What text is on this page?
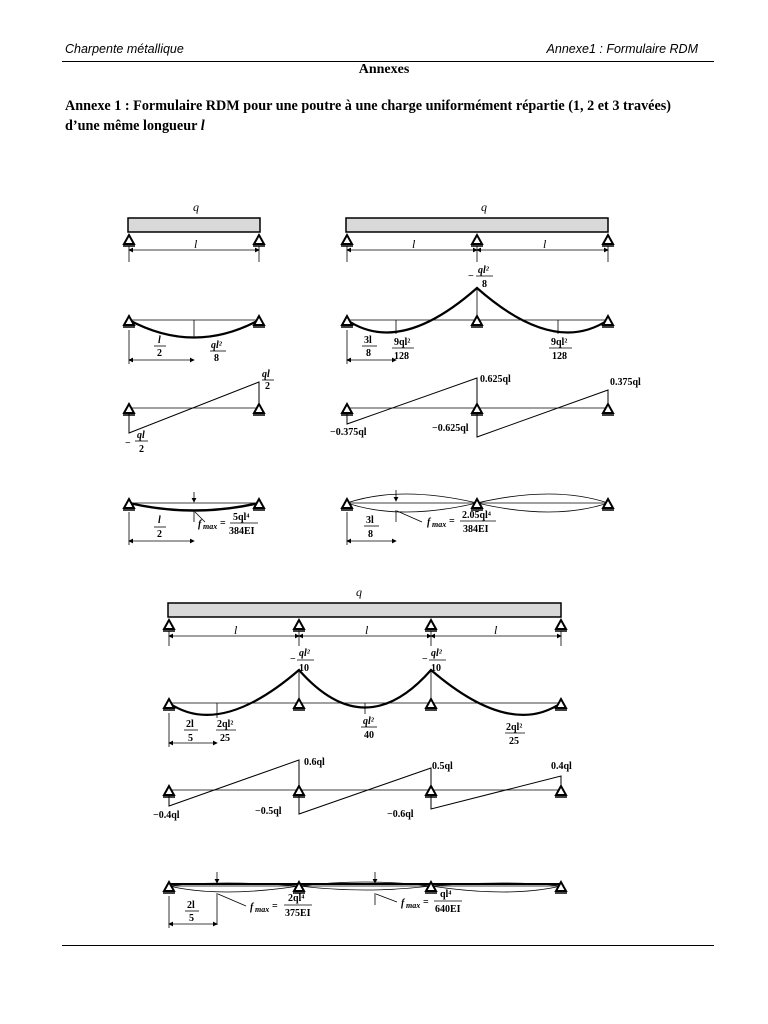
Charpente métallique	Annexe1 : Formulaire RDM
Annexes
Annexe 1 : Formulaire RDM pour une poutre à une charge uniformément répartie (1, 2 et 3 travées) d’une même longueur l
q
l
l
2
ql²
8
ql
2
−
ql
2
l
2
f max =
5ql⁴
384EI
q
l	l
−
ql²
8
3l
8
9ql²
128
9ql²
128
0.625ql	0.375ql
−0.375ql	−0.625ql
3l
8
f max =
2.05ql⁴
384EI
q
l	l	l
−
ql²
10
−
ql²
10
2l
5
2ql²
25
ql²
40
2ql²
25
0.6ql	0.5ql	0.4ql
−0.4ql	−0.5ql	−0.6ql
2l
5
f max =
2ql⁴
375EI
f max =
ql⁴
640EI
